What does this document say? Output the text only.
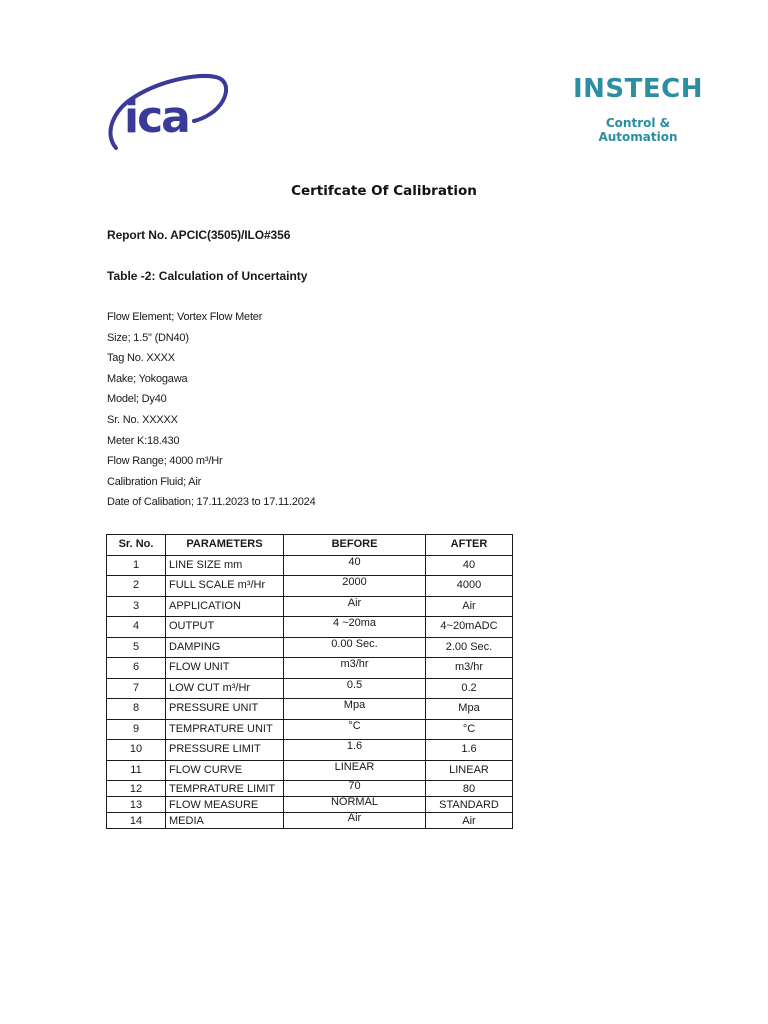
ica
INSTECH
Control & Automation
Certifcate Of Calibration
Report No. APCIC(3505)/ILO#356
Table -2: Calculation of Uncertainty
Flow Element; Vortex Flow Meter
Size; 1.5" (DN40)
Tag No. XXXX
Make; Yokogawa
Model; Dy40
Sr. No. XXXXX
Meter K:18.430
Flow Range; 4000 m³/Hr
Calibration Fluid; Air
Date of Calibation; 17.11.2023 to 17.11.2024
Sr. No.	PARAMETERS	BEFORE	AFTER
1	LINE SIZE mm	40	40
2	FULL SCALE m³/Hr	2000	4000
3	APPLICATION	Air	Air
4	OUTPUT	4 ~20ma	4~20mADC
5	DAMPING	0.00 Sec.	2.00 Sec.
6	FLOW UNIT	m3/hr	m3/hr
7	LOW CUT m³/Hr	0.5	0.2
8	PRESSURE UNIT	Mpa	Mpa
9	TEMPRATURE UNIT	°C	°C
10	PRESSURE LIMIT	1.6	1.6
11	FLOW CURVE	LINEAR	LINEAR
12	TEMPRATURE LIMIT	70	80
13	FLOW MEASURE	NORMAL	STANDARD
14	MEDIA	Air	Air
